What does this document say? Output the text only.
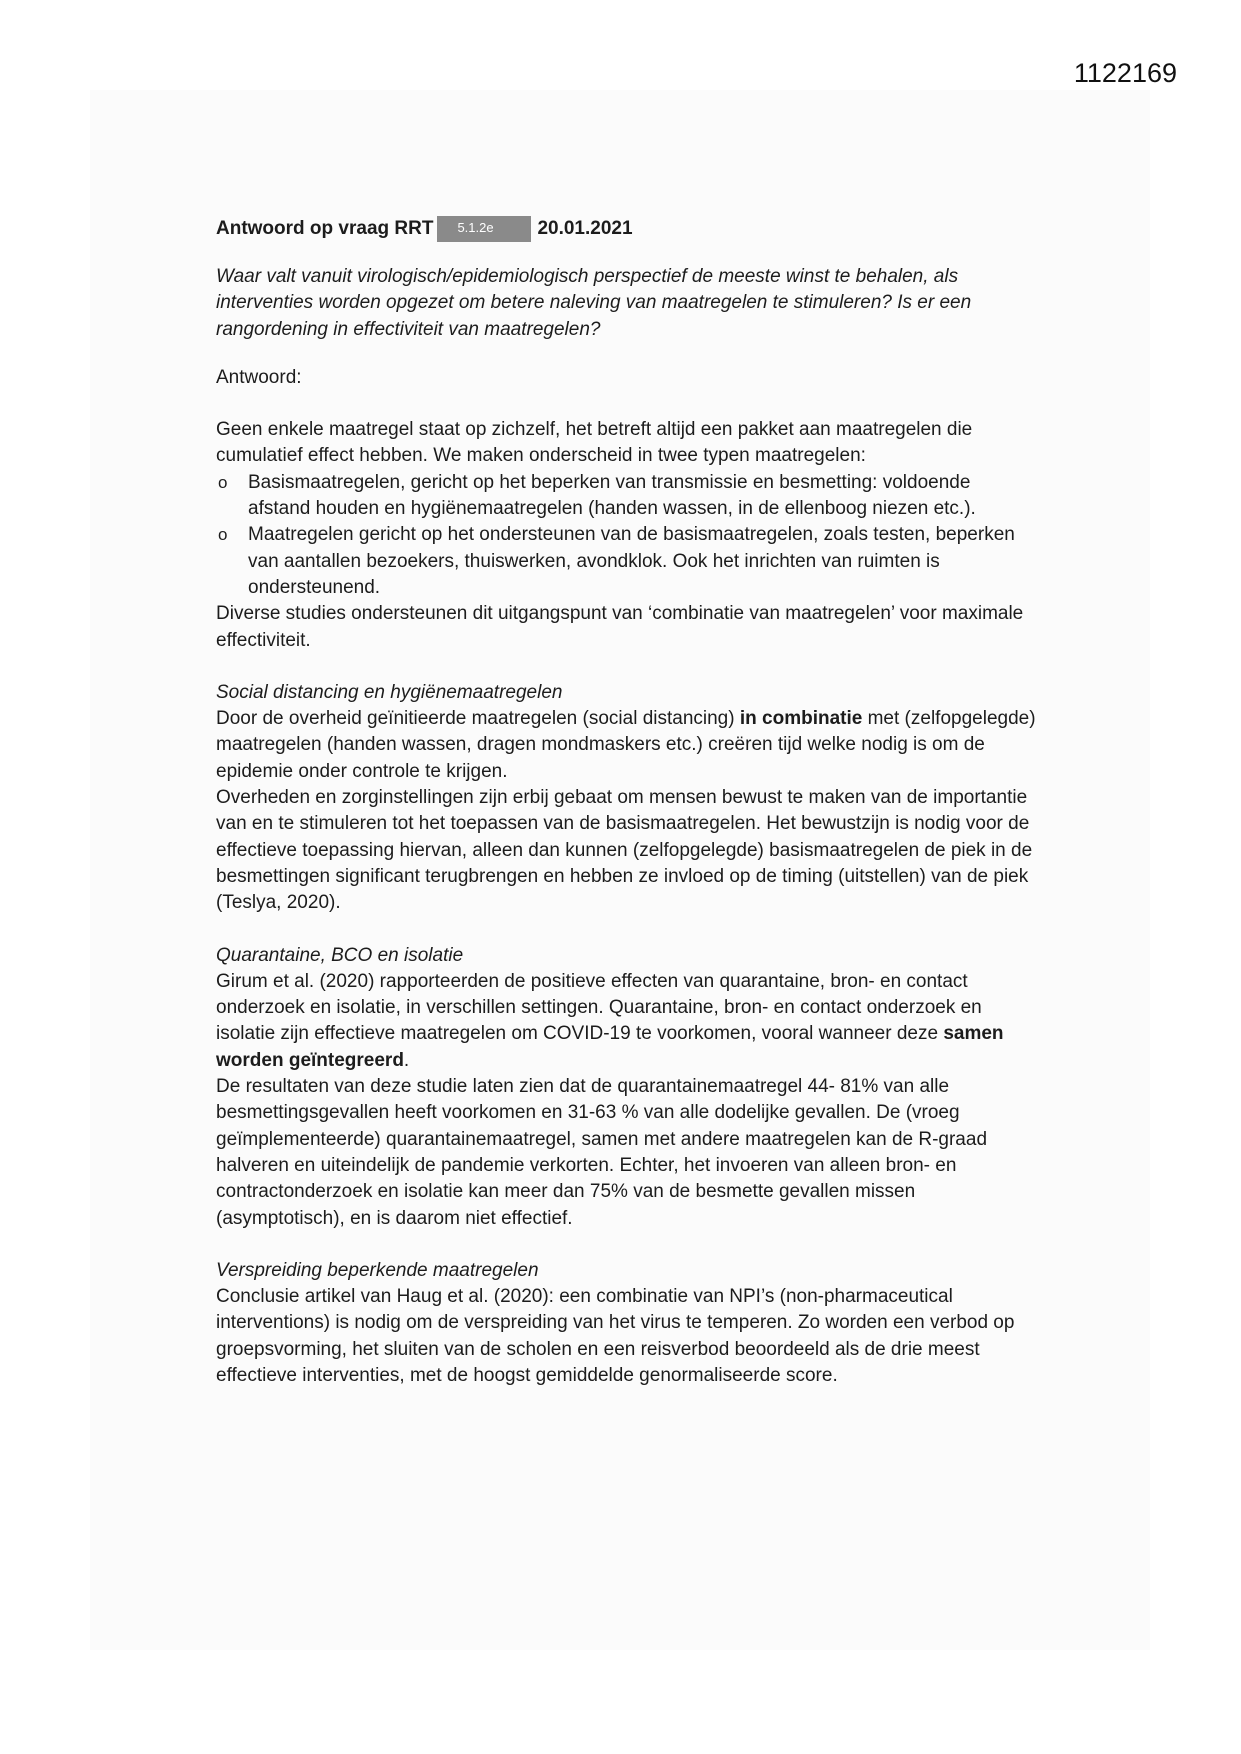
1122169
Antwoord op vraag RRT	5.1.2e	20.01.2021

Waar valt vanuit virologisch/epidemiologisch perspectief de meeste winst te behalen, als interventies worden opgezet om betere naleving van maatregelen te stimuleren? Is er een rangordening in effectiviteit van maatregelen?

Antwoord:

Geen enkele maatregel staat op zichzelf, het betreft altijd een pakket aan maatregelen die cumulatief effect hebben. We maken onderscheid in twee typen maatregelen:

o Basismaatregelen, gericht op het beperken van transmissie en besmetting: voldoende afstand houden en hygiënemaatregelen (handen wassen, in de ellenboog niezen etc.).
o Maatregelen gericht op het ondersteunen van de basismaatregelen, zoals testen, beperken van aantallen bezoekers, thuiswerken, avondklok. Ook het inrichten van ruimten is ondersteunend.

Diverse studies ondersteunen dit uitgangspunt van ‘combinatie van maatregelen’ voor maximale effectiviteit.

Social distancing en hygiënemaatregelen

Door de overheid geïnitieerde maatregelen (social distancing) in combinatie met (zelfopgelegde) maatregelen (handen wassen, dragen mondmaskers etc.) creëren tijd welke nodig is om de epidemie onder controle te krijgen.

Overheden en zorginstellingen zijn erbij gebaat om mensen bewust te maken van de importantie van en te stimuleren tot het toepassen van de basismaatregelen. Het bewustzijn is nodig voor de effectieve toepassing hiervan, alleen dan kunnen (zelfopgelegde) basismaatregelen de piek in de besmettingen significant terugbrengen en hebben ze invloed op de timing (uitstellen) van de piek (Teslya, 2020).

Quarantaine, BCO en isolatie

Girum et al. (2020) rapporteerden de positieve effecten van quarantaine, bron- en contact onderzoek en isolatie, in verschillen settingen. Quarantaine, bron- en contact onderzoek en isolatie zijn effectieve maatregelen om COVID-19 te voorkomen, vooral wanneer deze samen worden geïntegreerd.

De resultaten van deze studie laten zien dat de quarantainemaatregel 44- 81% van alle besmettingsgevallen heeft voorkomen en 31-63 % van alle dodelijke gevallen. De (vroeg geïmplementeerde) quarantainemaatregel, samen met andere maatregelen kan de R-graad halveren en uiteindelijk de pandemie verkorten. Echter, het invoeren van alleen bron- en contractonderzoek en isolatie kan meer dan 75% van de besmette gevallen missen (asymptotisch), en is daarom niet effectief.

Verspreiding beperkende maatregelen

Conclusie artikel van Haug et al. (2020): een combinatie van NPI’s (non-pharmaceutical interventions) is nodig om de verspreiding van het virus te temperen. Zo worden een verbod op groepsvorming, het sluiten van de scholen en een reisverbod beoordeeld als de drie meest effectieve interventies, met de hoogst gemiddelde genormaliseerde score.
